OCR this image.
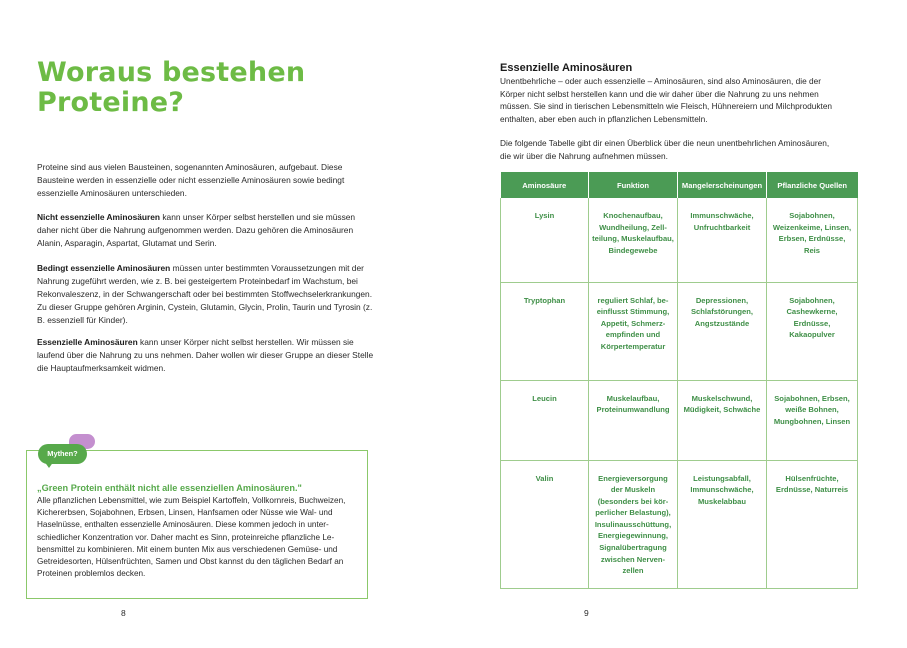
Woraus bestehen
Proteine?

Proteine sind aus vielen Bausteinen, sogenannten Aminosäuren, aufgebaut. Diese Bausteine werden in essenzielle oder nicht essenzielle Aminosäuren sowie bedingt essenzielle Aminosäuren unterschieden.

Nicht essenzielle Aminosäuren kann unser Körper selbst herstellen und sie müssen daher nicht über die Nahrung aufgenommen werden. Dazu gehören die Aminosäuren Alanin, Asparagin, Aspartat, Glutamat und Serin.

Bedingt essenzielle Aminosäuren müssen unter bestimmten Voraussetzungen mit der Nahrung zugeführt werden, wie z. B. bei gesteigertem Proteinbedarf im Wachstum, bei Rekonvaleszenz, in der Schwangerschaft oder bei bestimmten Stoffwechselerkrankungen. Zu dieser Gruppe gehören Arginin, Cystein, Glutamin, Glycin, Prolin, Taurin und Tyrosin (z. B. essenziell für Kinder).

Essenzielle Aminosäuren kann unser Körper nicht selbst herstellen. Wir müssen sie laufend über die Nahrung zu uns nehmen. Daher wollen wir dieser Gruppe an dieser Stelle die Hauptaufmerksamkeit widmen.

Mythen?

„Green Protein enthält nicht alle essenziellen Aminosäuren."

Alle pflanzlichen Lebensmittel, wie zum Beispiel Kartoffeln, Vollkornreis, Buchweizen, Kichererbsen, Sojabohnen, Erbsen, Linsen, Hanfsamen oder Nüsse wie Wal- und Haselnüsse, enthalten essenzielle Aminosäuren. Diese kommen jedoch in unterschiedlicher Konzentration vor. Daher macht es Sinn, proteinreiche pflanzliche Lebensmittel zu kombinieren. Mit einem bunten Mix aus verschiedenen Gemüse- und Getreidesorten, Hülsenfrüchten, Samen und Obst kannst du den täglichen Bedarf an Proteinen problemlos decken.

8
Essenzielle Aminosäuren

Unentbehrliche – oder auch essenzielle – Aminosäuren, sind also Aminosäuren, die der Körper nicht selbst herstellen kann und die wir daher über die Nahrung zu uns nehmen müssen. Sie sind in tierischen Lebensmitteln wie Fleisch, Hühnereiern und Milchprodukten enthalten, aber eben auch in pflanzlichen Lebensmitteln.

Die folgende Tabelle gibt dir einen Überblick über die neun unentbehrlichen Aminosäuren, die wir über die Nahrung aufnehmen müssen.

Aminosäure	Funktion	Mangelerscheinungen	Pflanzliche Quellen
Lysin	Knochenaufbau, Wundheilung, Zellteilung, Muskelaufbau, Bindegewebe	Immunschwäche, Unfruchtbarkeit	Sojabohnen, Weizenkeime, Linsen, Erbsen, Erdnüsse, Reis
Tryptophan	reguliert Schlaf, beeinflusst Stimmung, Appetit, Schmerzempfinden und Körpertemperatur	Depressionen, Schlafstörungen, Angstzustände	Sojabohnen, Cashewkerne, Erdnüsse, Kakaopulver
Leucin	Muskelaufbau, Proteinumwandlung	Muskelschwund, Müdigkeit, Schwäche	Sojabohnen, Erbsen, weiße Bohnen, Mungbohnen, Linsen
Valin	Energieversorgung der Muskeln (besonders bei körperlicher Belastung), Insulinausschüttung, Energiegewinnung, Signalübertragung zwischen Nervenzellen	Leistungsabfall, Immunschwäche, Muskelabbau	Hülsenfrüchte, Erdnüsse, Naturreis
9
